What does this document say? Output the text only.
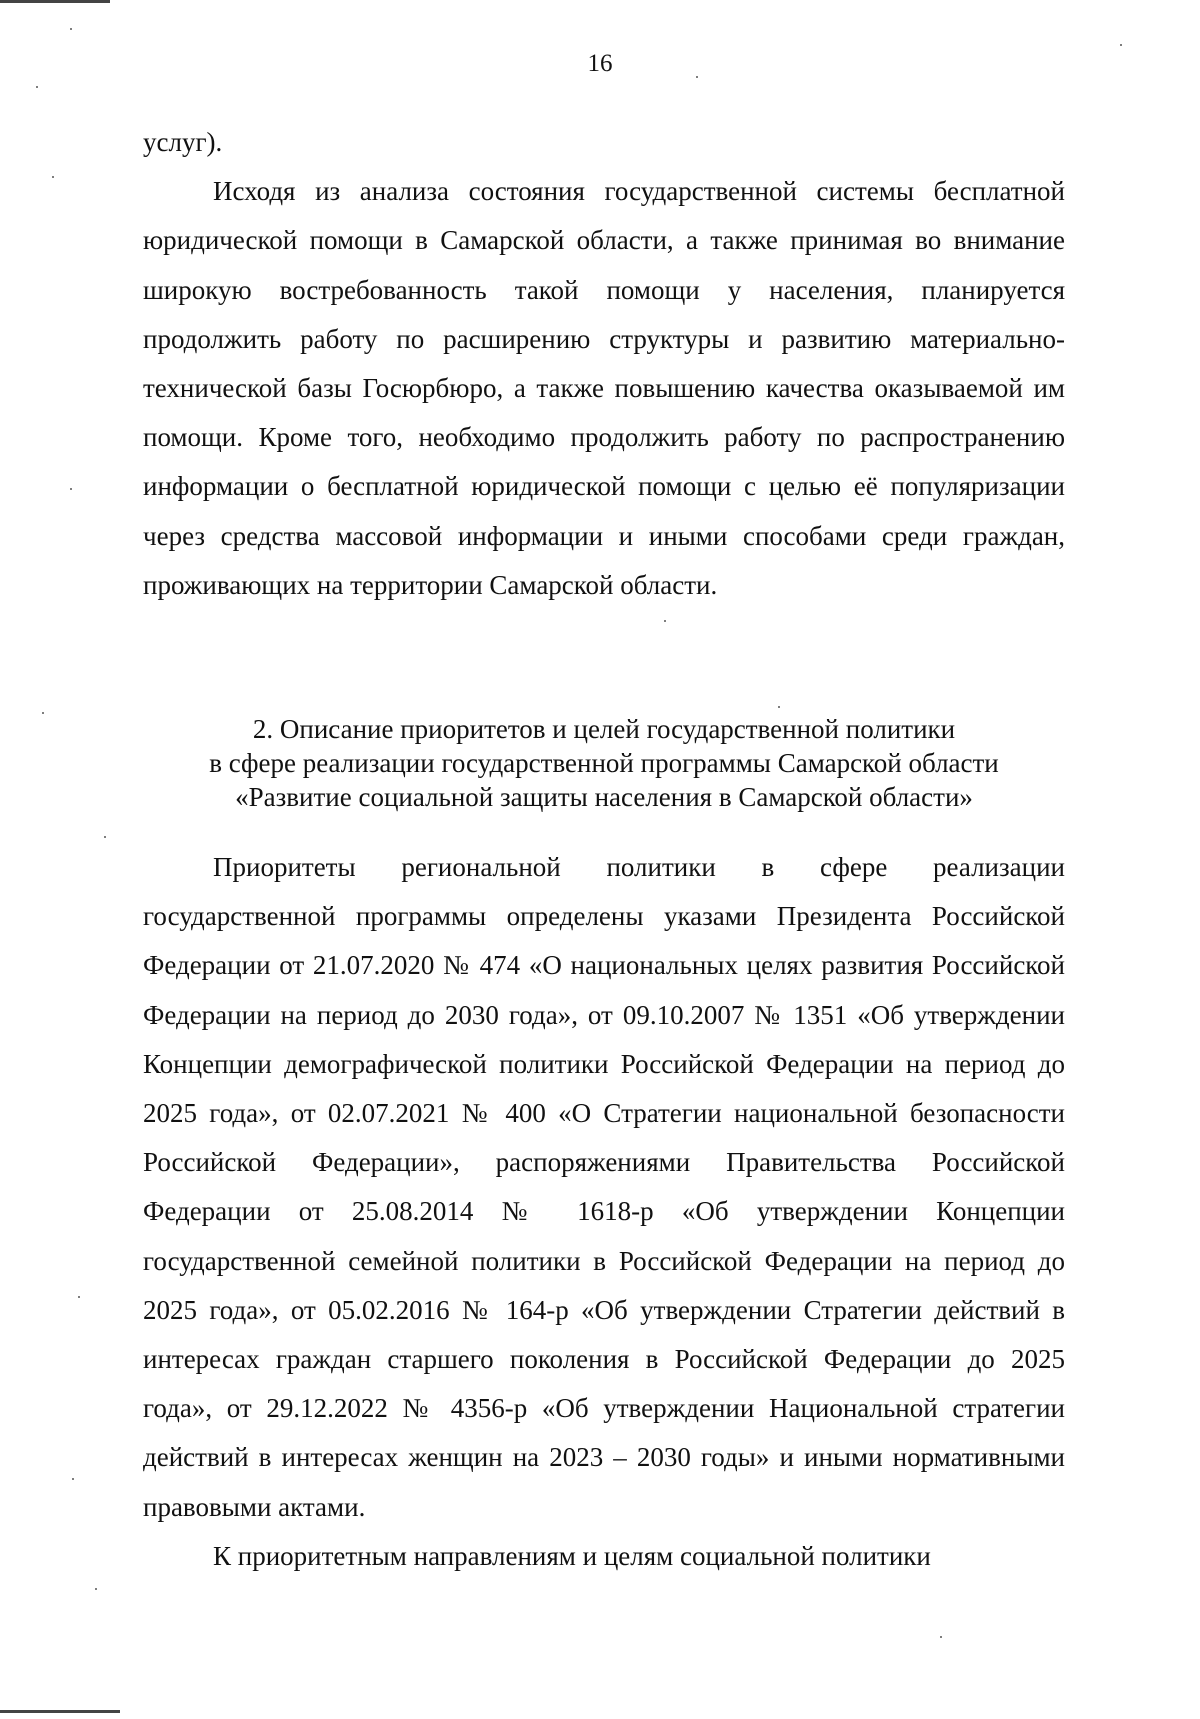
16

услуг).

Исходя из анализа состояния государственной системы бесплатной юридической помощи в Самарской области, а также принимая во внимание широкую востребованность такой помощи у населения, планируется продолжить работу по расширению структуры и развитию материально-технической базы Госюрбюро, а также повышению качества оказываемой им помощи. Кроме того, необходимо продолжить работу по распространению информации о бесплатной юридической помощи с целью её популяризации через средства массовой информации и иными способами среди граждан, проживающих на территории Самарской области.

2. Описание приоритетов и целей государственной политики
в сфере реализации государственной программы Самарской области
«Развитие социальной защиты населения в Самарской области»

Приоритеты региональной политики в сфере реализации государственной программы определены указами Президента Российской Федерации от 21.07.2020 № 474 «О национальных целях развития Российской Федерации на период до 2030 года», от 09.10.2007 № 1351 «Об утверждении Концепции демографической политики Российской Федерации на период до 2025 года», от 02.07.2021 № 400 «О Стратегии национальной безопасности Российской Федерации», распоряжениями Правительства Российской Федерации от 25.08.2014 № 1618-р «Об утверждении Концепции государственной семейной политики в Российской Федерации на период до 2025 года», от 05.02.2016 № 164-р «Об утверждении Стратегии действий в интересах граждан старшего поколения в Российской Федерации до 2025 года», от 29.12.2022 № 4356-р «Об утверждении Национальной стратегии действий в интересах женщин на 2023 – 2030 годы» и иными нормативными правовыми актами.

К приоритетным направлениям и целям социальной политики
